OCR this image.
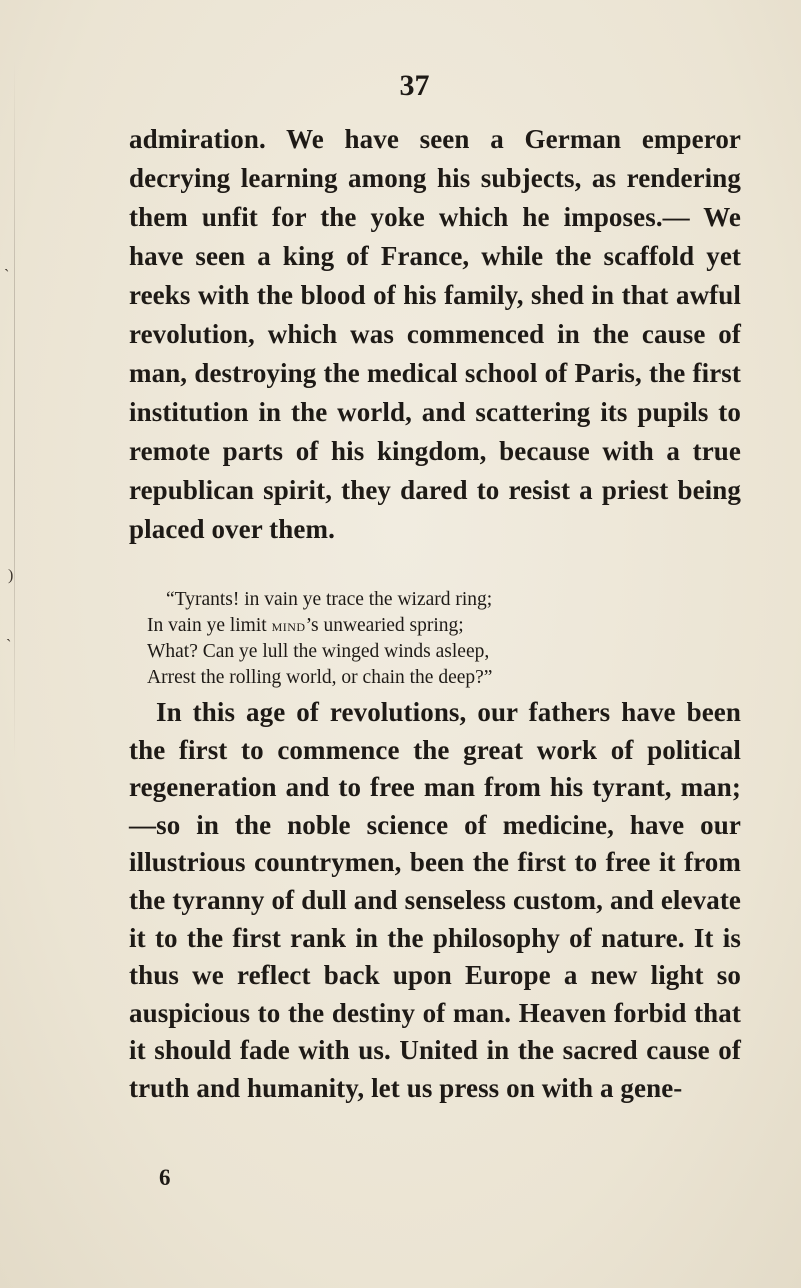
ˎ
)
ˎ
37

admiration. We have seen a German emperor decrying learning among his subjects, as rendering them unfit for the yoke which he imposes.— We have seen a king of France, while the scaffold yet reeks with the blood of his family, shed in that awful revolution, which was commenced in the cause of man, destroying the medical school of Paris, the first institution in the world, and scattering its pupils to remote parts of his kingdom, because with a true republican spirit, they dared to resist a priest being placed over them.

“Tyrants! in vain ye trace the wizard ring;
In vain ye limit mind’s unwearied spring;
What? Can ye lull the winged winds asleep,
Arrest the rolling world, or chain the deep?”

In this age of revolutions, our fathers have been the first to commence the great work of political regeneration and to free man from his tyrant, man;—so in the noble science of medicine, have our illustrious countrymen, been the first to free it from the tyranny of dull and senseless custom, and elevate it to the first rank in the philosophy of nature. It is thus we reflect back upon Europe a new light so auspicious to the destiny of man. Heaven forbid that it should fade with us. United in the sacred cause of truth and humanity, let us press on with a gene-

6
